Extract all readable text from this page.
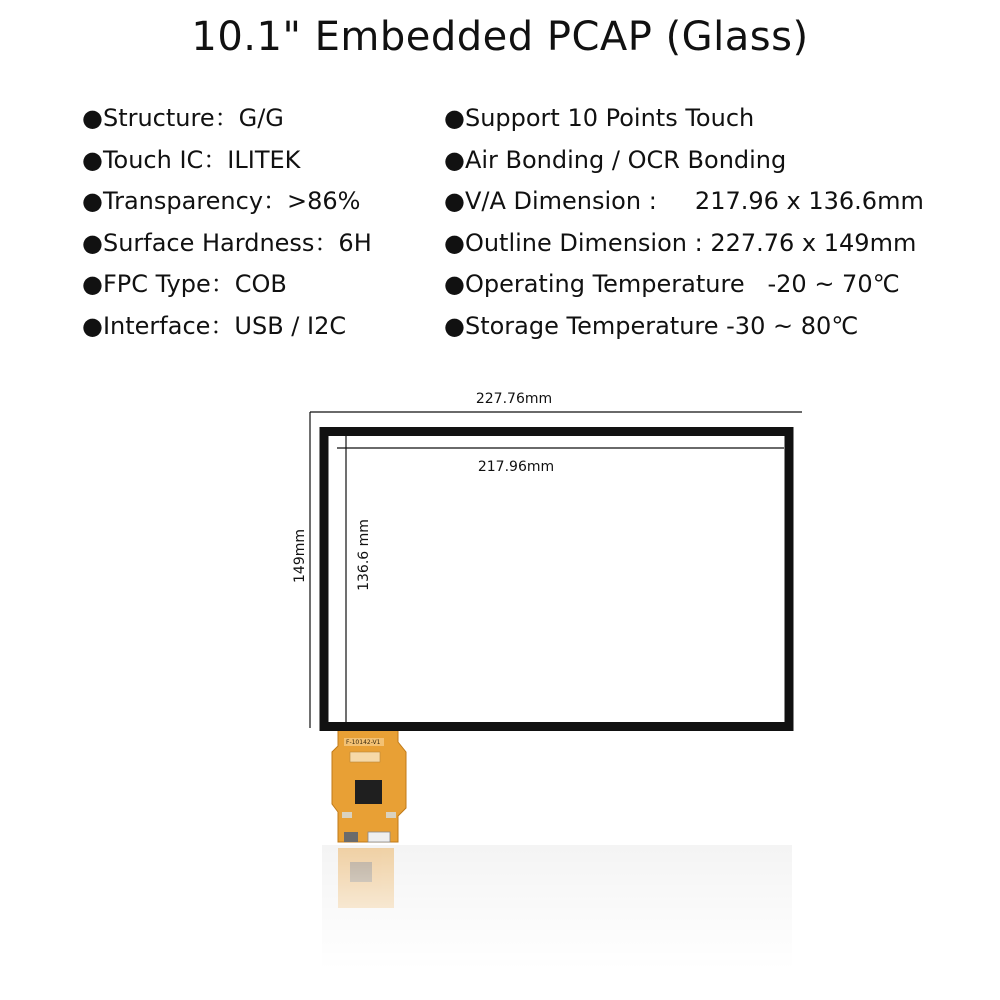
10.1" Embedded PCAP (Glass)
●Structure：G/G
●Touch IC：ILITEK
●Transparency：>86%
●Surface Hardness：6H
●FPC Type：COB
●Interface：USB / I2C
●Support 10 Points Touch
●Air Bonding / OCR Bonding
●V/A Dimension :     217.96 x 136.6mm
●Outline Dimension : 227.76 x 149mm
●Operating Temperature   -20 ~ 70℃
●Storage Temperature -30 ~ 80℃
F-10142-V1
227.76mm
149mm
217.96mm
136.6 mm
